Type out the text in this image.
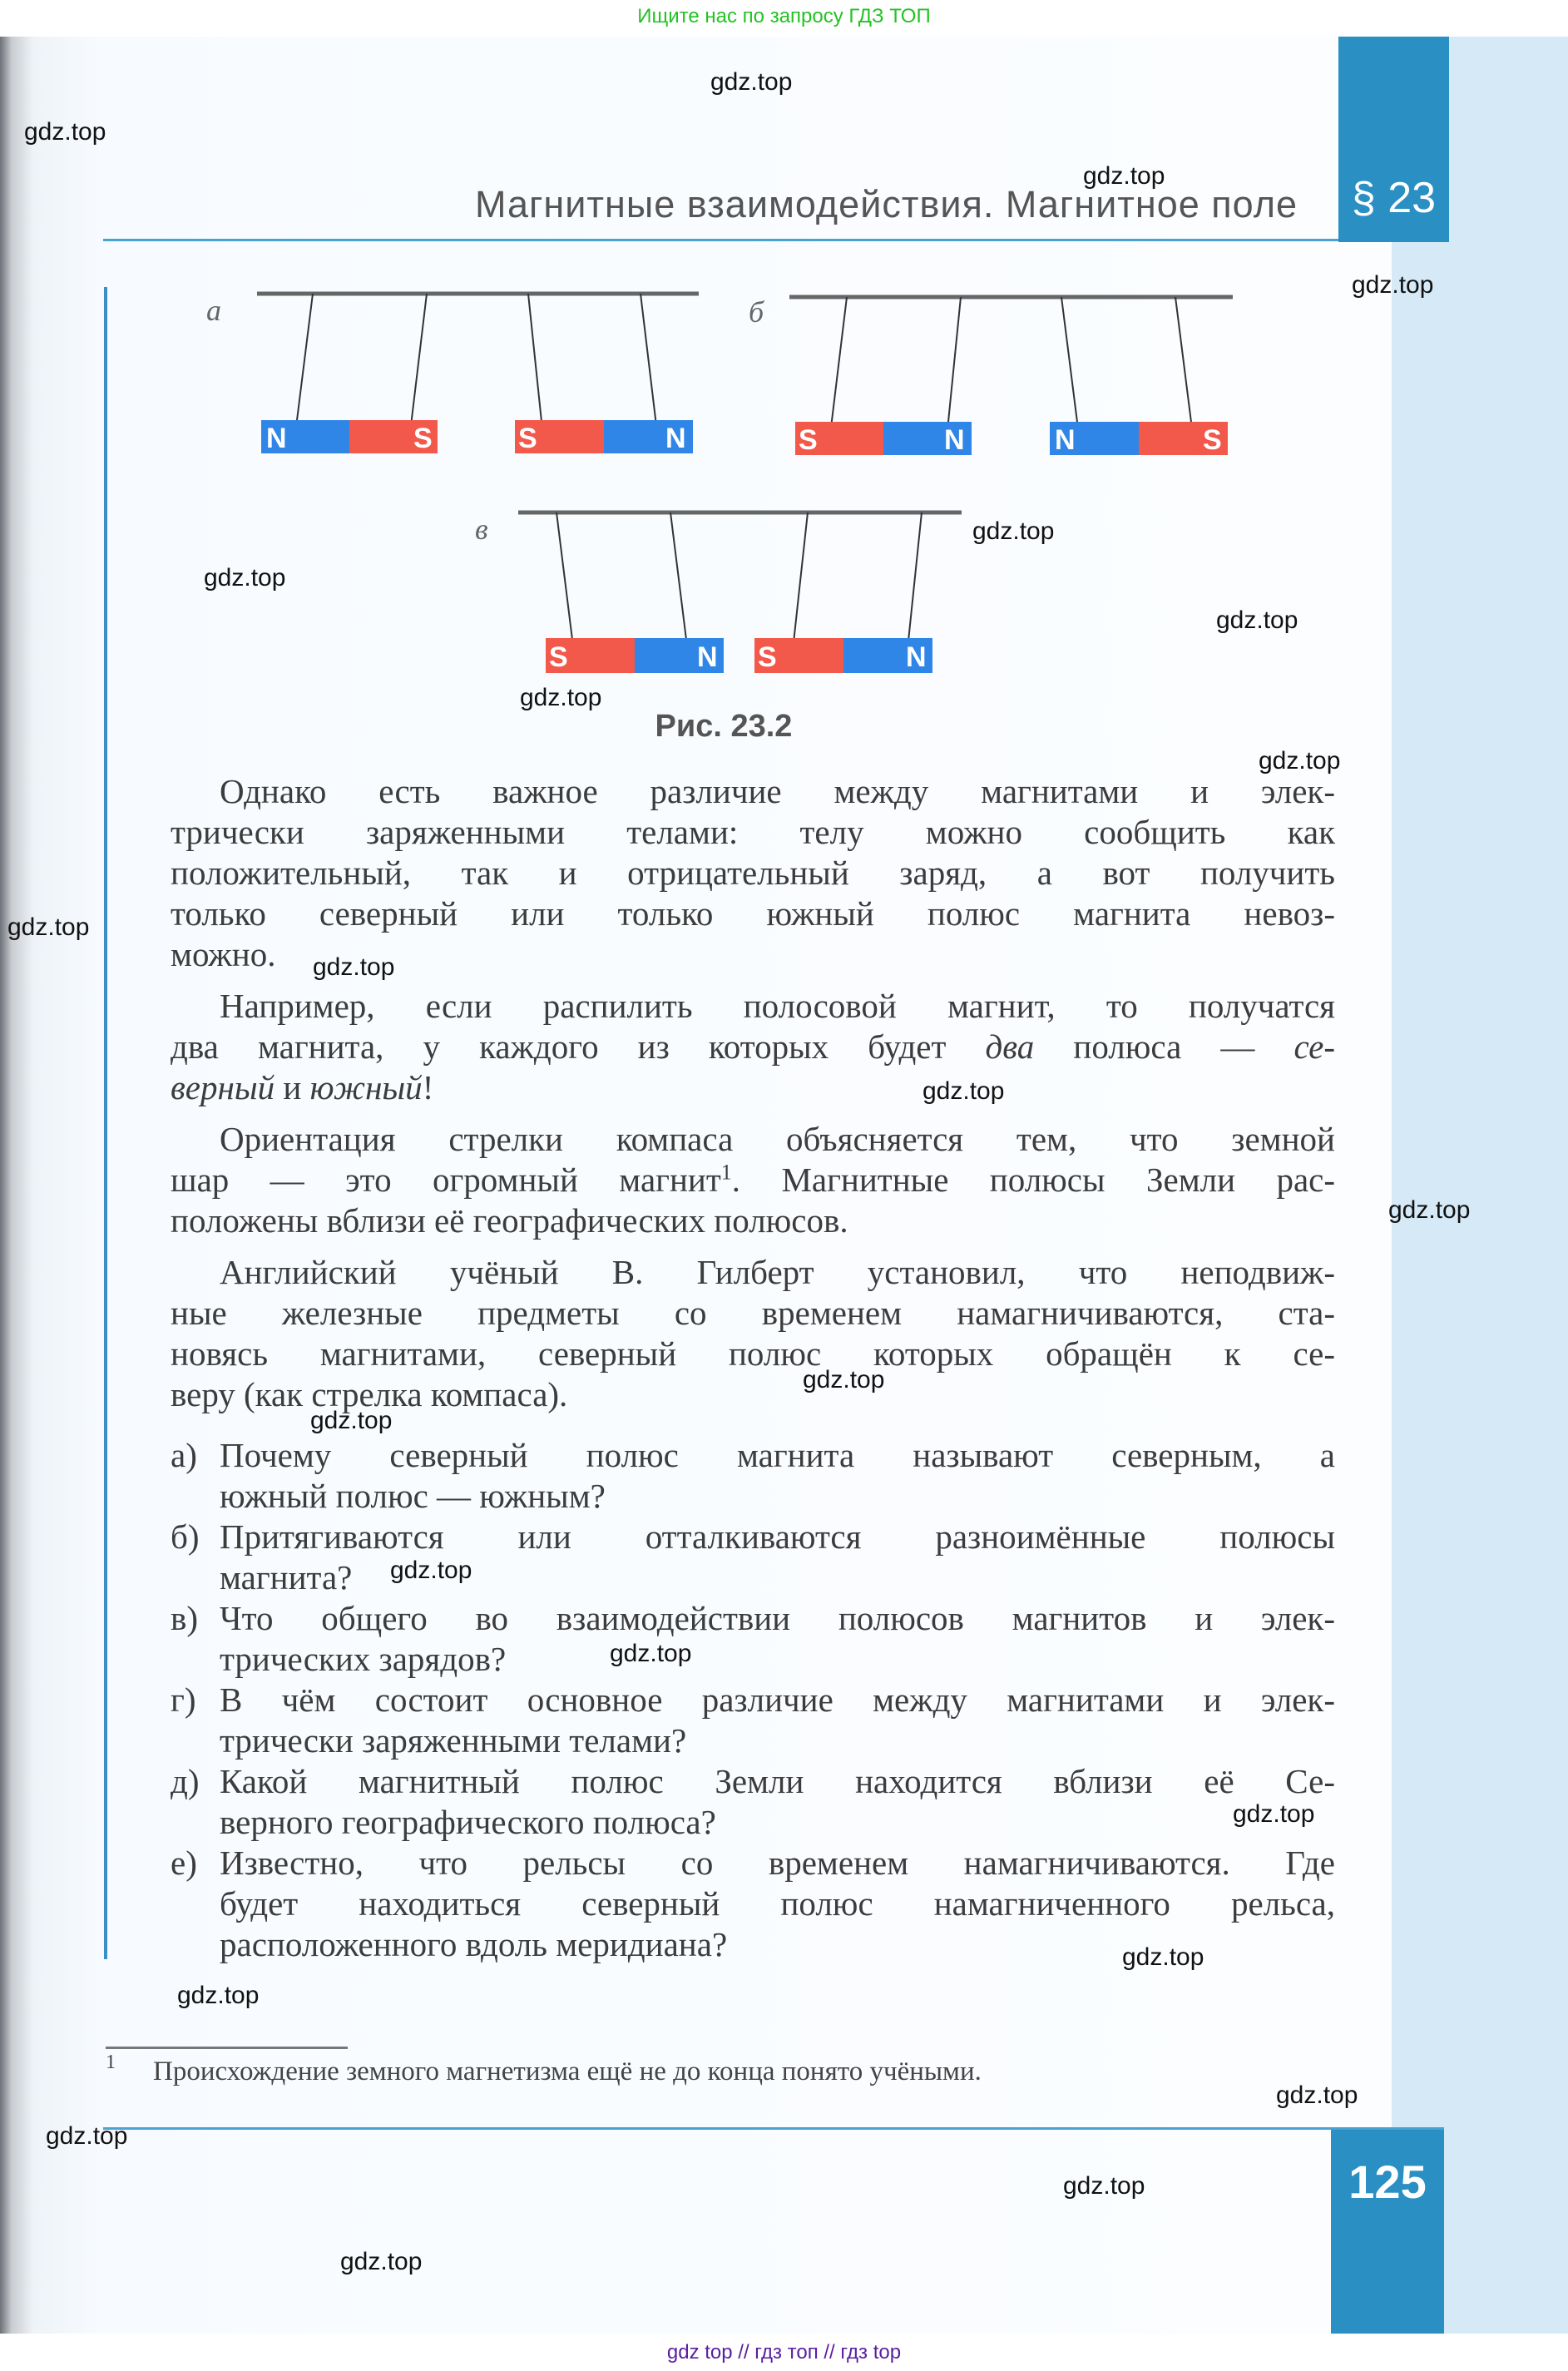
Ищите нас по запросу ГДЗ ТОП
§ 23
Магнитные взаимодействия. Магнитное поле
а
N	S	S	N
б
S	N	N	S
в
S	N S	N
Рис. 23.2
Однако есть важное различие между магнитами и элек-
трически заряженными телами: телу можно сообщить как
положительный, так и отрицательный заряд, а вот получить
только северный или только южный полюс магнита невоз-
можно.
Например, если распилить полосовой магнит, то получатся
два магнита, у каждого из которых будет два полюса — се-
верный и южный!
Ориентация стрелки компаса объясняется тем, что земной
шар — это огромный магнит$^1$. Магнитные полюсы Земли рас-
положены вблизи её географических полюсов.
Английский учёный В. Гилберт установил, что неподвиж-
ные железные предметы со временем намагничиваются, ста-
новясь магнитами, северный полюс которых обращён к се-
веру (как стрелка компаса).
а) Почему северный полюс магнита называют северным, а
южный полюс — южным?
б) Притягиваются или отталкиваются разноимённые полюсы
магнита?
в) Что общего во взаимодействии полюсов магнитов и элек-
трических зарядов?
г) В чём состоит основное различие между магнитами и элек-
трически заряженными телами?
д) Какой магнитный полюс Земли находится вблизи её Се-
верного географического полюса?
е) Известно, что рельсы со временем намагничиваются. Где
будет находиться северный полюс намагниченного рельса,
расположенного вдоль меридиана?
1 Происхождение земного магнетизма ещё не до конца понято учёными.
125
gdz.top
gdz.top
gdz.top
gdz.top
gdz.top
gdz.top
gdz.top
gdz.top
gdz.top
gdz.top
gdz.top
gdz.top
gdz.top
gdz.top
gdz.top
gdz.top
gdz.top
gdz.top
gdz.top
gdz.top
gdz.top
gdz.top
gdz.top
gdz.top
gdz top // гдз топ // гдз top
